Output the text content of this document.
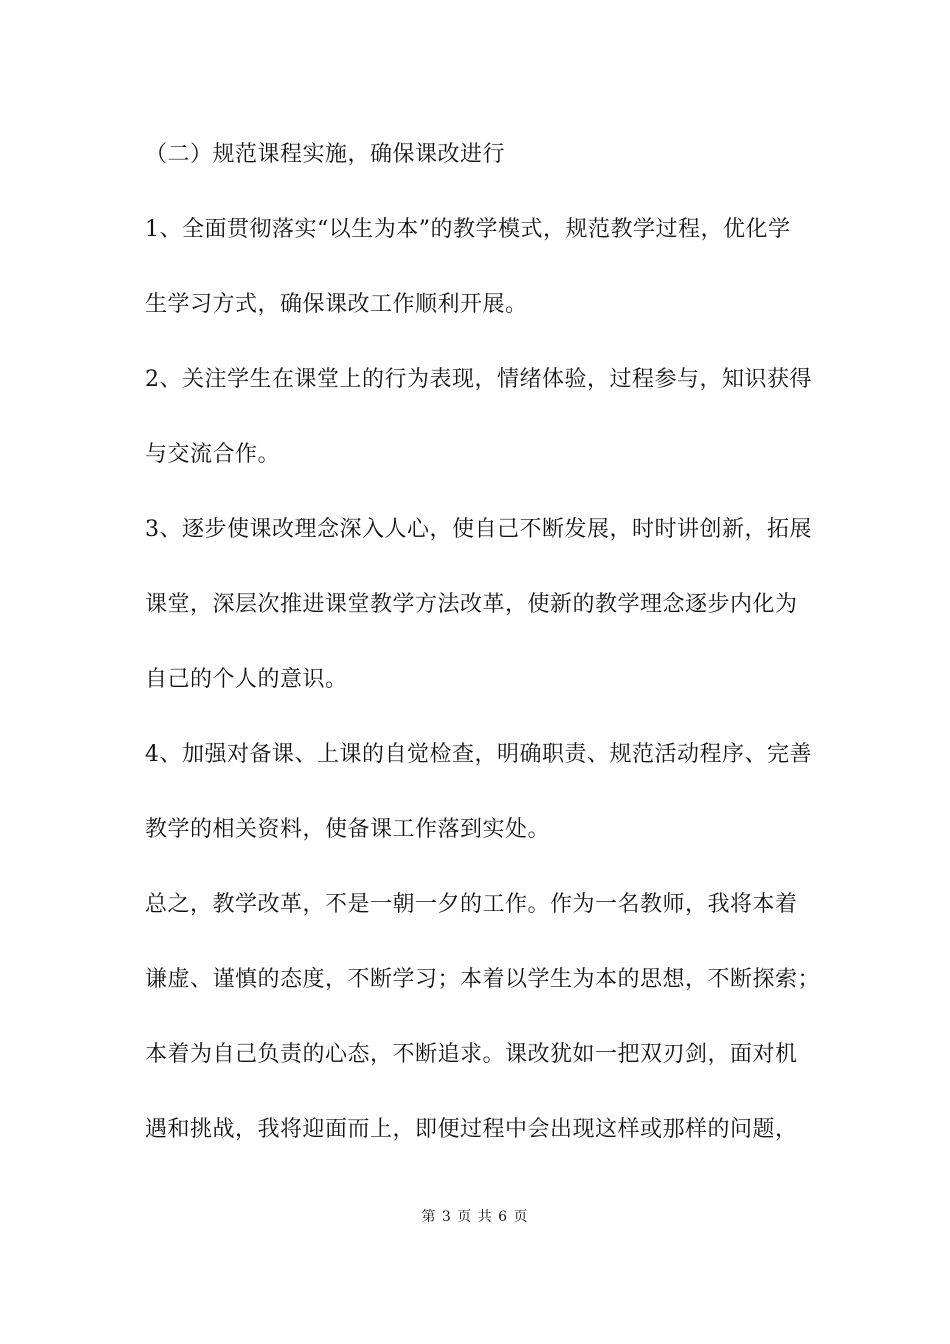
（二）规范课程实施，确保课改进行
1、全面贯彻落实“以生为本”的教学模式，规范教学过程，优化学
生学习方式，确保课改工作顺利开展。
2、关注学生在课堂上的行为表现，情绪体验，过程参与，知识获得
与交流合作。
3、逐步使课改理念深入人心，使自己不断发展，时时讲创新，拓展
课堂，深层次推进课堂教学方法改革，使新的教学理念逐步内化为
自己的个人的意识。
4、加强对备课、上课的自觉检查，明确职责、规范活动程序、完善
教学的相关资料，使备课工作落到实处。
总之，教学改革，不是一朝一夕的工作。作为一名教师，我将本着
谦虚、谨慎的态度，不断学习；本着以学生为本的思想，不断探索；
本着为自己负责的心态，不断追求。课改犹如一把双刃剑，面对机
遇和挑战，我将迎面而上，即便过程中会出现这样或那样的问题，
第 3 页 共 6 页
